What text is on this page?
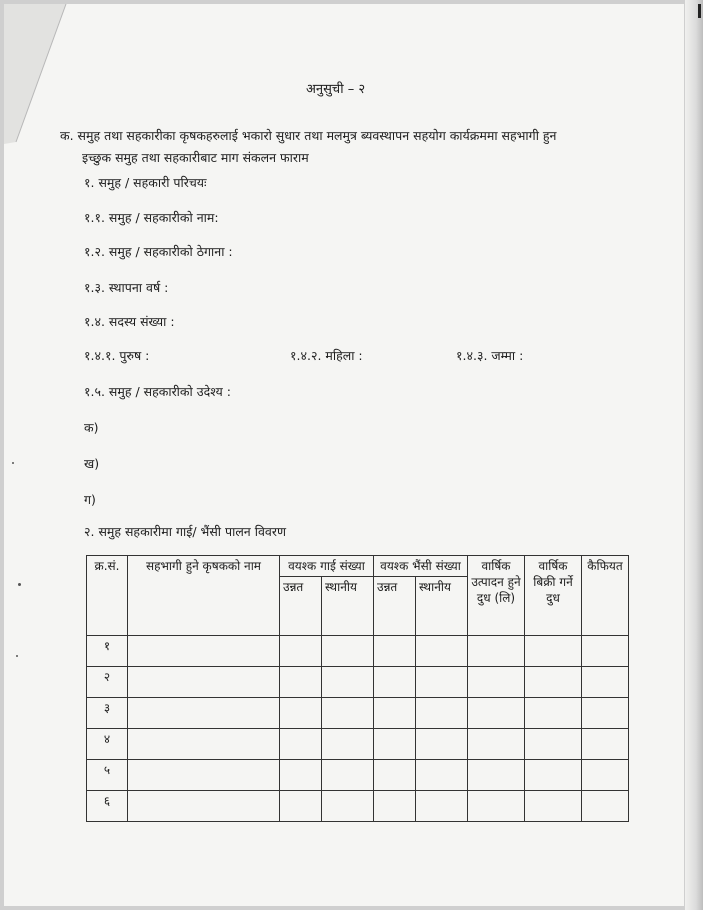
अनुसुची – २
क. समुह तथा सहकारीका कृषकहरुलाई भकारो सुधार तथा मलमुत्र ब्यवस्थापन सहयोग कार्यक्रममा सहभागी हुन
इच्छुक समुह तथा सहकारीबाट माग संकलन फाराम
१. समुह / सहकारी परिचयः
१.१. समुह / सहकारीको नाम:
१.२. समुह / सहकारीको ठेगाना :
१.३. स्थापना वर्ष :
१.४. सदस्य संख्या :
१.४.१. पुरुष :	१.४.२. महिला :	१.४.३. जम्मा :
१.५. समुह / सहकारीको उदेश्य :
क)
ख)
ग)
२. समुह सहकारीमा गाई/ भैंसी पालन विवरण
क्र.सं.	सहभागी हुने कृषकको नाम	वयश्क गाई संख्या		वयश्क भैंसी संख्या		वार्षिक उत्पादन हुने दुध (लि)	वार्षिक बिक्री गर्ने दुध	कैफियत
		उन्नत	स्थानीय	उन्नत	स्थानीय			
१								
२								
३								
४								
५								
६								
